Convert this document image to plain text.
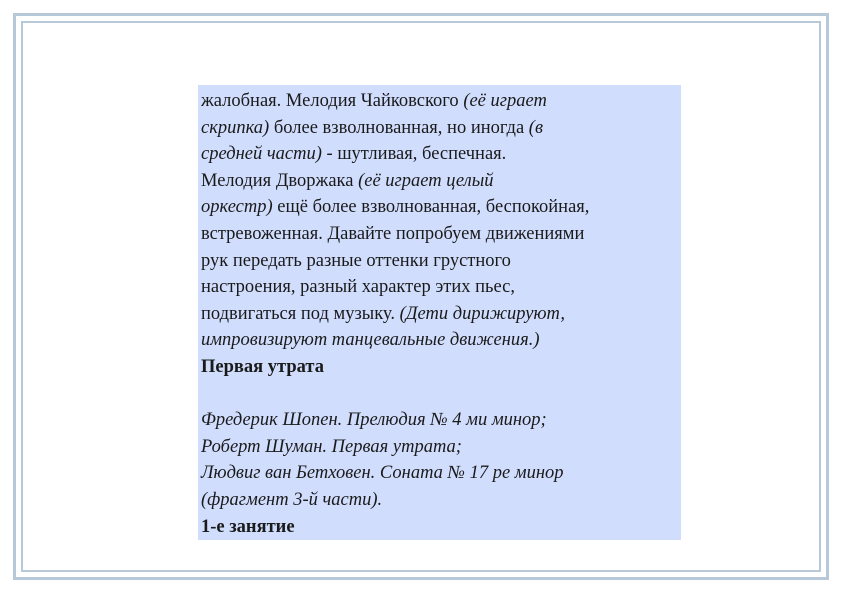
жалобная. Мелодия Чайковского (её играет
скрипка) более взволнованная, но иногда (в
средней части) - шутливая, беспечная.
Мелодия Дворжака (её играет целый
оркестр) ещё более взволнованная, беспокойная,
встревоженная. Давайте попробуем движениями
рук передать разные оттенки грустного
настроения, разный характер этих пьес,
подвигаться под музыку. (Дети дирижируют,
импровизируют танцевальные движения.)
Первая утрата
Фредерик Шопен. Прелюдия № 4 ми минор;
Роберт Шуман. Первая утрата;
Людвиг ван Бетховен. Соната № 17 ре минор
(фрагмент 3-й части).
1-е занятие
